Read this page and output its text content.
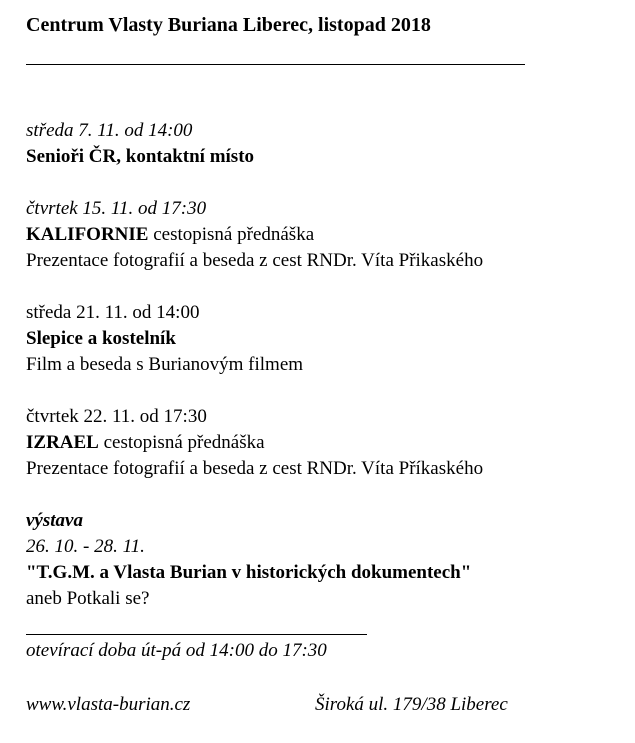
Centrum Vlasty Buriana Liberec, listopad 2018
středa 7. 11. od 14:00
Senioři ČR, kontaktní místo
čtvrtek 15. 11. od 17:30
KALIFORNIE cestopisná přednáška
Prezentace fotografií a beseda z cest RNDr. Víta Přikaského
středa 21. 11. od 14:00
Slepice a kostelník
Film a beseda s Burianovým filmem
čtvrtek 22. 11. od 17:30
IZRAEL cestopisná přednáška
Prezentace fotografií a beseda z cest RNDr. Víta Příkaského
výstava
26. 10. - 28. 11.
"T.G.M. a Vlasta Burian v historických dokumentech"
aneb Potkali se?
otevírací doba út-pá od 14:00 do 17:30
www.vlasta-burian.cz	Široká ul. 179/38 Liberec
